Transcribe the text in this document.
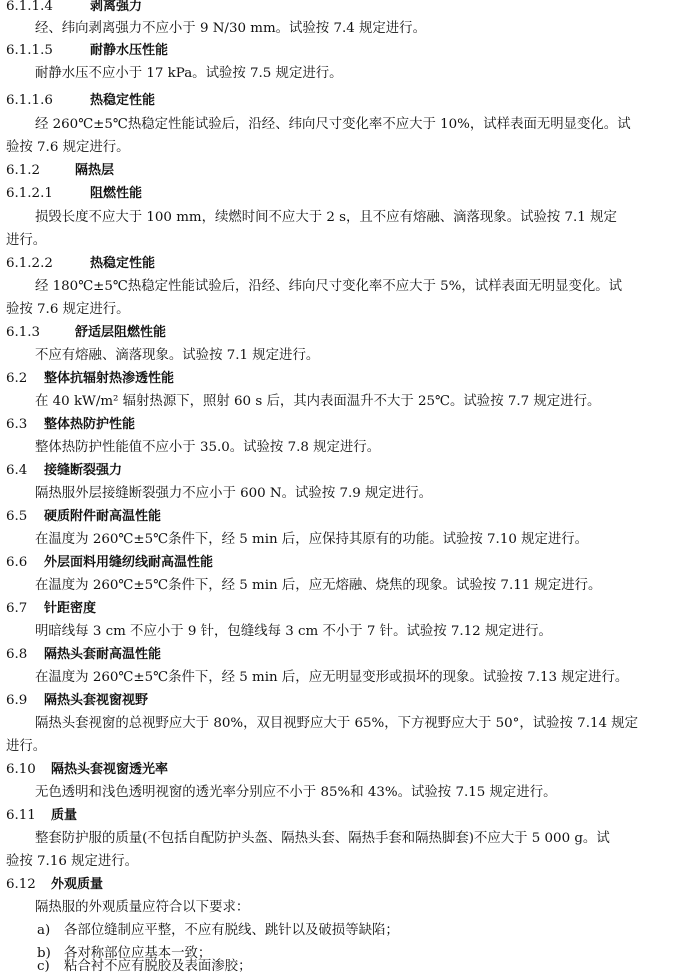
6.1.1.4	剥离强力
经、纬向剥离强力不应小于 9 N/30 mm。试验按 7.4 规定进行。
6.1.1.5	耐静水压性能
耐静水压不应小于 17 kPa。试验按 7.5 规定进行。
6.1.1.6	热稳定性能
经 260℃±5℃热稳定性能试验后，沿经、纬向尺寸变化率不应大于 10%，试样表面无明显变化。试
验按 7.6 规定进行。
6.1.2	隔热层
6.1.2.1	阻燃性能
损毁长度不应大于 100 mm，续燃时间不应大于 2 s，且不应有熔融、滴落现象。试验按 7.1 规定
进行。
6.1.2.2	热稳定性能
经 180℃±5℃热稳定性能试验后，沿经、纬向尺寸变化率不应大于 5%，试样表面无明显变化。试
验按 7.6 规定进行。
6.1.3	舒适层阻燃性能
不应有熔融、滴落现象。试验按 7.1 规定进行。
6.2 整体抗辐射热渗透性能
在 40 kW/m² 辐射热源下，照射 60 s 后，其内表面温升不大于 25℃。试验按 7.7 规定进行。
6.3 整体热防护性能
整体热防护性能值不应小于 35.0。试验按 7.8 规定进行。
6.4 接缝断裂强力
隔热服外层接缝断裂强力不应小于 600 N。试验按 7.9 规定进行。
6.5 硬质附件耐高温性能
在温度为 260℃±5℃条件下，经 5 min 后，应保持其原有的功能。试验按 7.10 规定进行。
6.6 外层面料用缝纫线耐高温性能
在温度为 260℃±5℃条件下，经 5 min 后，应无熔融、烧焦的现象。试验按 7.11 规定进行。
6.7 针距密度
明暗线每 3 cm 不应小于 9 针，包缝线每 3 cm 不小于 7 针。试验按 7.12 规定进行。
6.8 隔热头套耐高温性能
在温度为 260℃±5℃条件下，经 5 min 后，应无明显变形或损坏的现象。试验按 7.13 规定进行。
6.9 隔热头套视窗视野
隔热头套视窗的总视野应大于 80%，双目视野应大于 65%，下方视野应大于 50°，试验按 7.14 规定
进行。
6.10 隔热头套视窗透光率
无色透明和浅色透明视窗的透光率分别应不小于 85%和 43%。试验按 7.15 规定进行。
6.11 质量
整套防护服的质量(不包括自配防护头盔、隔热头套、隔热手套和隔热脚套)不应大于 5 000 g。试
验按 7.16 规定进行。
6.12 外观质量
隔热服的外观质量应符合以下要求：
a) 各部位缝制应平整，不应有脱线、跳针以及破损等缺陷；
b) 各对称部位应基本一致；
c) 粘合衬不应有脱胶及表面渗胶；
